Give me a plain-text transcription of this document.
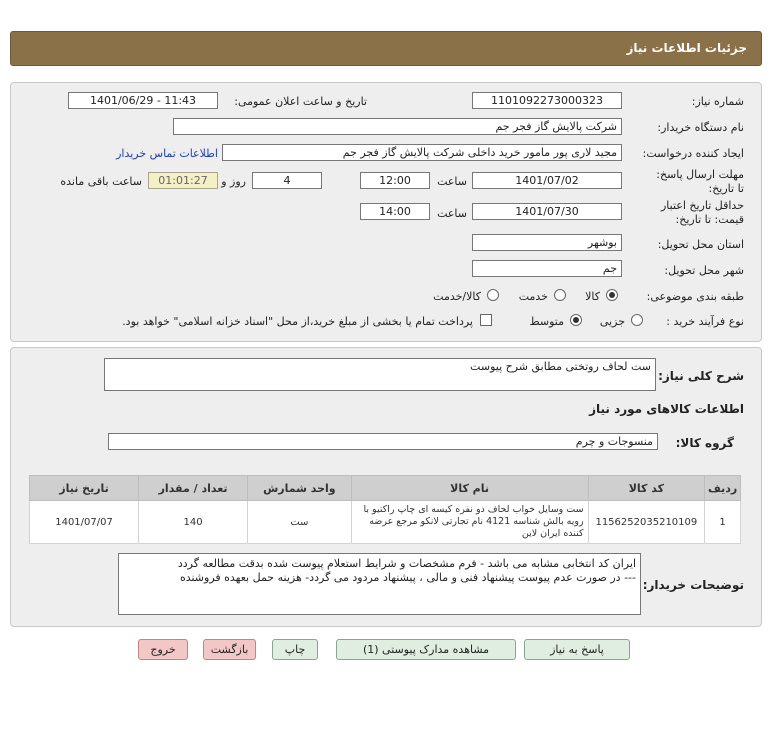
جزئیات اطلاعات نیاز
شماره نیاز:
1101092273000323
تاریخ و ساعت اعلان عمومی:
1401/06/29 - 11:43
نام دستگاه خریدار:
شرکت پالایش گاز فجر جم
ایجاد کننده درخواست:
مجید لاری پور مامور خرید داخلی شرکت پالایش گاز فجر جم
اطلاعات تماس خریدار
مهلت ارسال پاسخ: تا تاریخ:
1401/07/02
ساعت
12:00
4
روز و
01:01:27
ساعت باقی مانده
حداقل تاریخ اعتبار قیمت: تا تاریخ:
1401/07/30
ساعت
14:00
استان محل تحویل:
بوشهر
شهر محل تحویل:
جم
طبقه بندی موضوعی:
کالا
خدمت
کالا/خدمت
نوع فرآیند خرید :
جزیی
متوسط
پرداخت تمام یا بخشی از مبلغ خرید،از محل "اسناد خزانه اسلامی" خواهد بود.
شرح کلی نیاز:
ست لحاف روتختی مطابق شرح پیوست
اطلاعات کالاهای مورد نیاز
گروه کالا:
منسوجات و چرم
ردیف	کد کالا	نام کالا	واحد شمارش	تعداد / مقدار	تاریخ نیاز
1	1156252035210109	ست وسایل خواب لحاف دو نفره کیسه ای چاپ راکتیو با رویه بالش شناسه 4121 نام تجارتی لانکو مرجع عرضه کننده ایران لاین	ست	140	1401/07/07
توضیحات خریدار:
ایران کد انتخابی مشابه می باشد - فرم مشخصات و شرایط استعلام پیوست شده بدقت مطالعه گردد
--- در صورت عدم پیوست پیشنهاد فنی و مالی ، پیشنهاد مردود می گردد- هزینه حمل بعهده فروشنده
پاسخ به نیاز
مشاهده مدارک پیوستی (1)
چاپ
بازگشت
خروج
